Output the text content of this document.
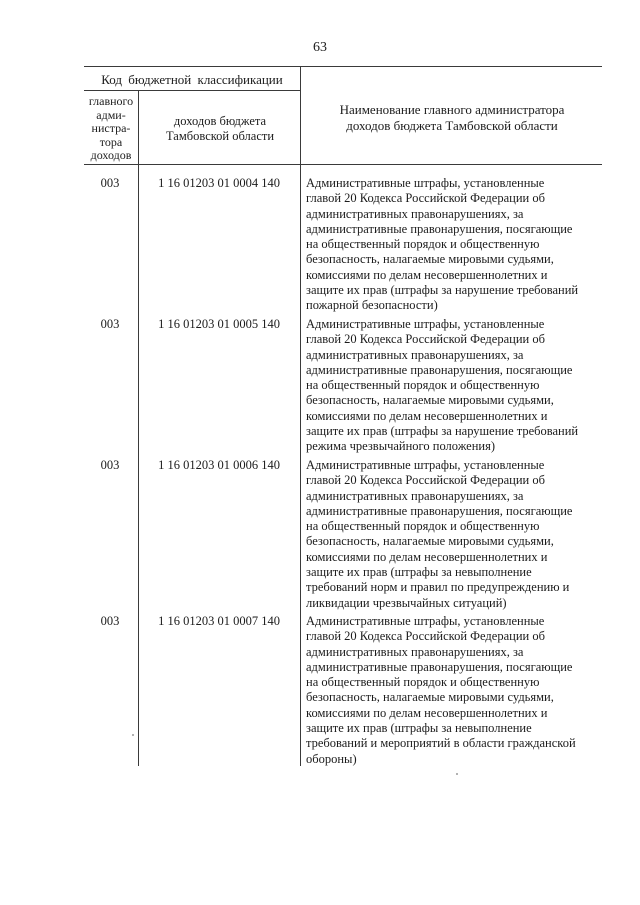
63
Код бюджетной классификации
главного
адми-
нистра-
тора
доходов
доходов бюджета
Тамбовской области
Наименование главного администратора
доходов бюджета Тамбовской области
003	1 16 01203 01 0004 140	Административные штрафы, установленные
главой 20 Кодекса Российской Федерации об
административных правонарушениях, за
административные правонарушения, посягающие
на общественный порядок и общественную
безопасность, налагаемые мировыми судьями,
комиссиями по делам несовершеннолетних и
защите их прав (штрафы за нарушение требований
пожарной безопасности)
003	1 16 01203 01 0005 140	Административные штрафы, установленные
главой 20 Кодекса Российской Федерации об
административных правонарушениях, за
административные правонарушения, посягающие
на общественный порядок и общественную
безопасность, налагаемые мировыми судьями,
комиссиями по делам несовершеннолетних и
защите их прав (штрафы за нарушение требований
режима чрезвычайного положения)
003	1 16 01203 01 0006 140	Административные штрафы, установленные
главой 20 Кодекса Российской Федерации об
административных правонарушениях, за
административные правонарушения, посягающие
на общественный порядок и общественную
безопасность, налагаемые мировыми судьями,
комиссиями по делам несовершеннолетних и
защите их прав (штрафы за невыполнение
требований норм и правил по предупреждению и
ликвидации чрезвычайных ситуаций)
003	1 16 01203 01 0007 140	Административные штрафы, установленные
главой 20 Кодекса Российской Федерации об
административных правонарушениях, за
административные правонарушения, посягающие
на общественный порядок и общественную
безопасность, налагаемые мировыми судьями,
комиссиями по делам несовершеннолетних и
защите их прав (штрафы за невыполнение
требований и мероприятий в области гражданской
обороны)
